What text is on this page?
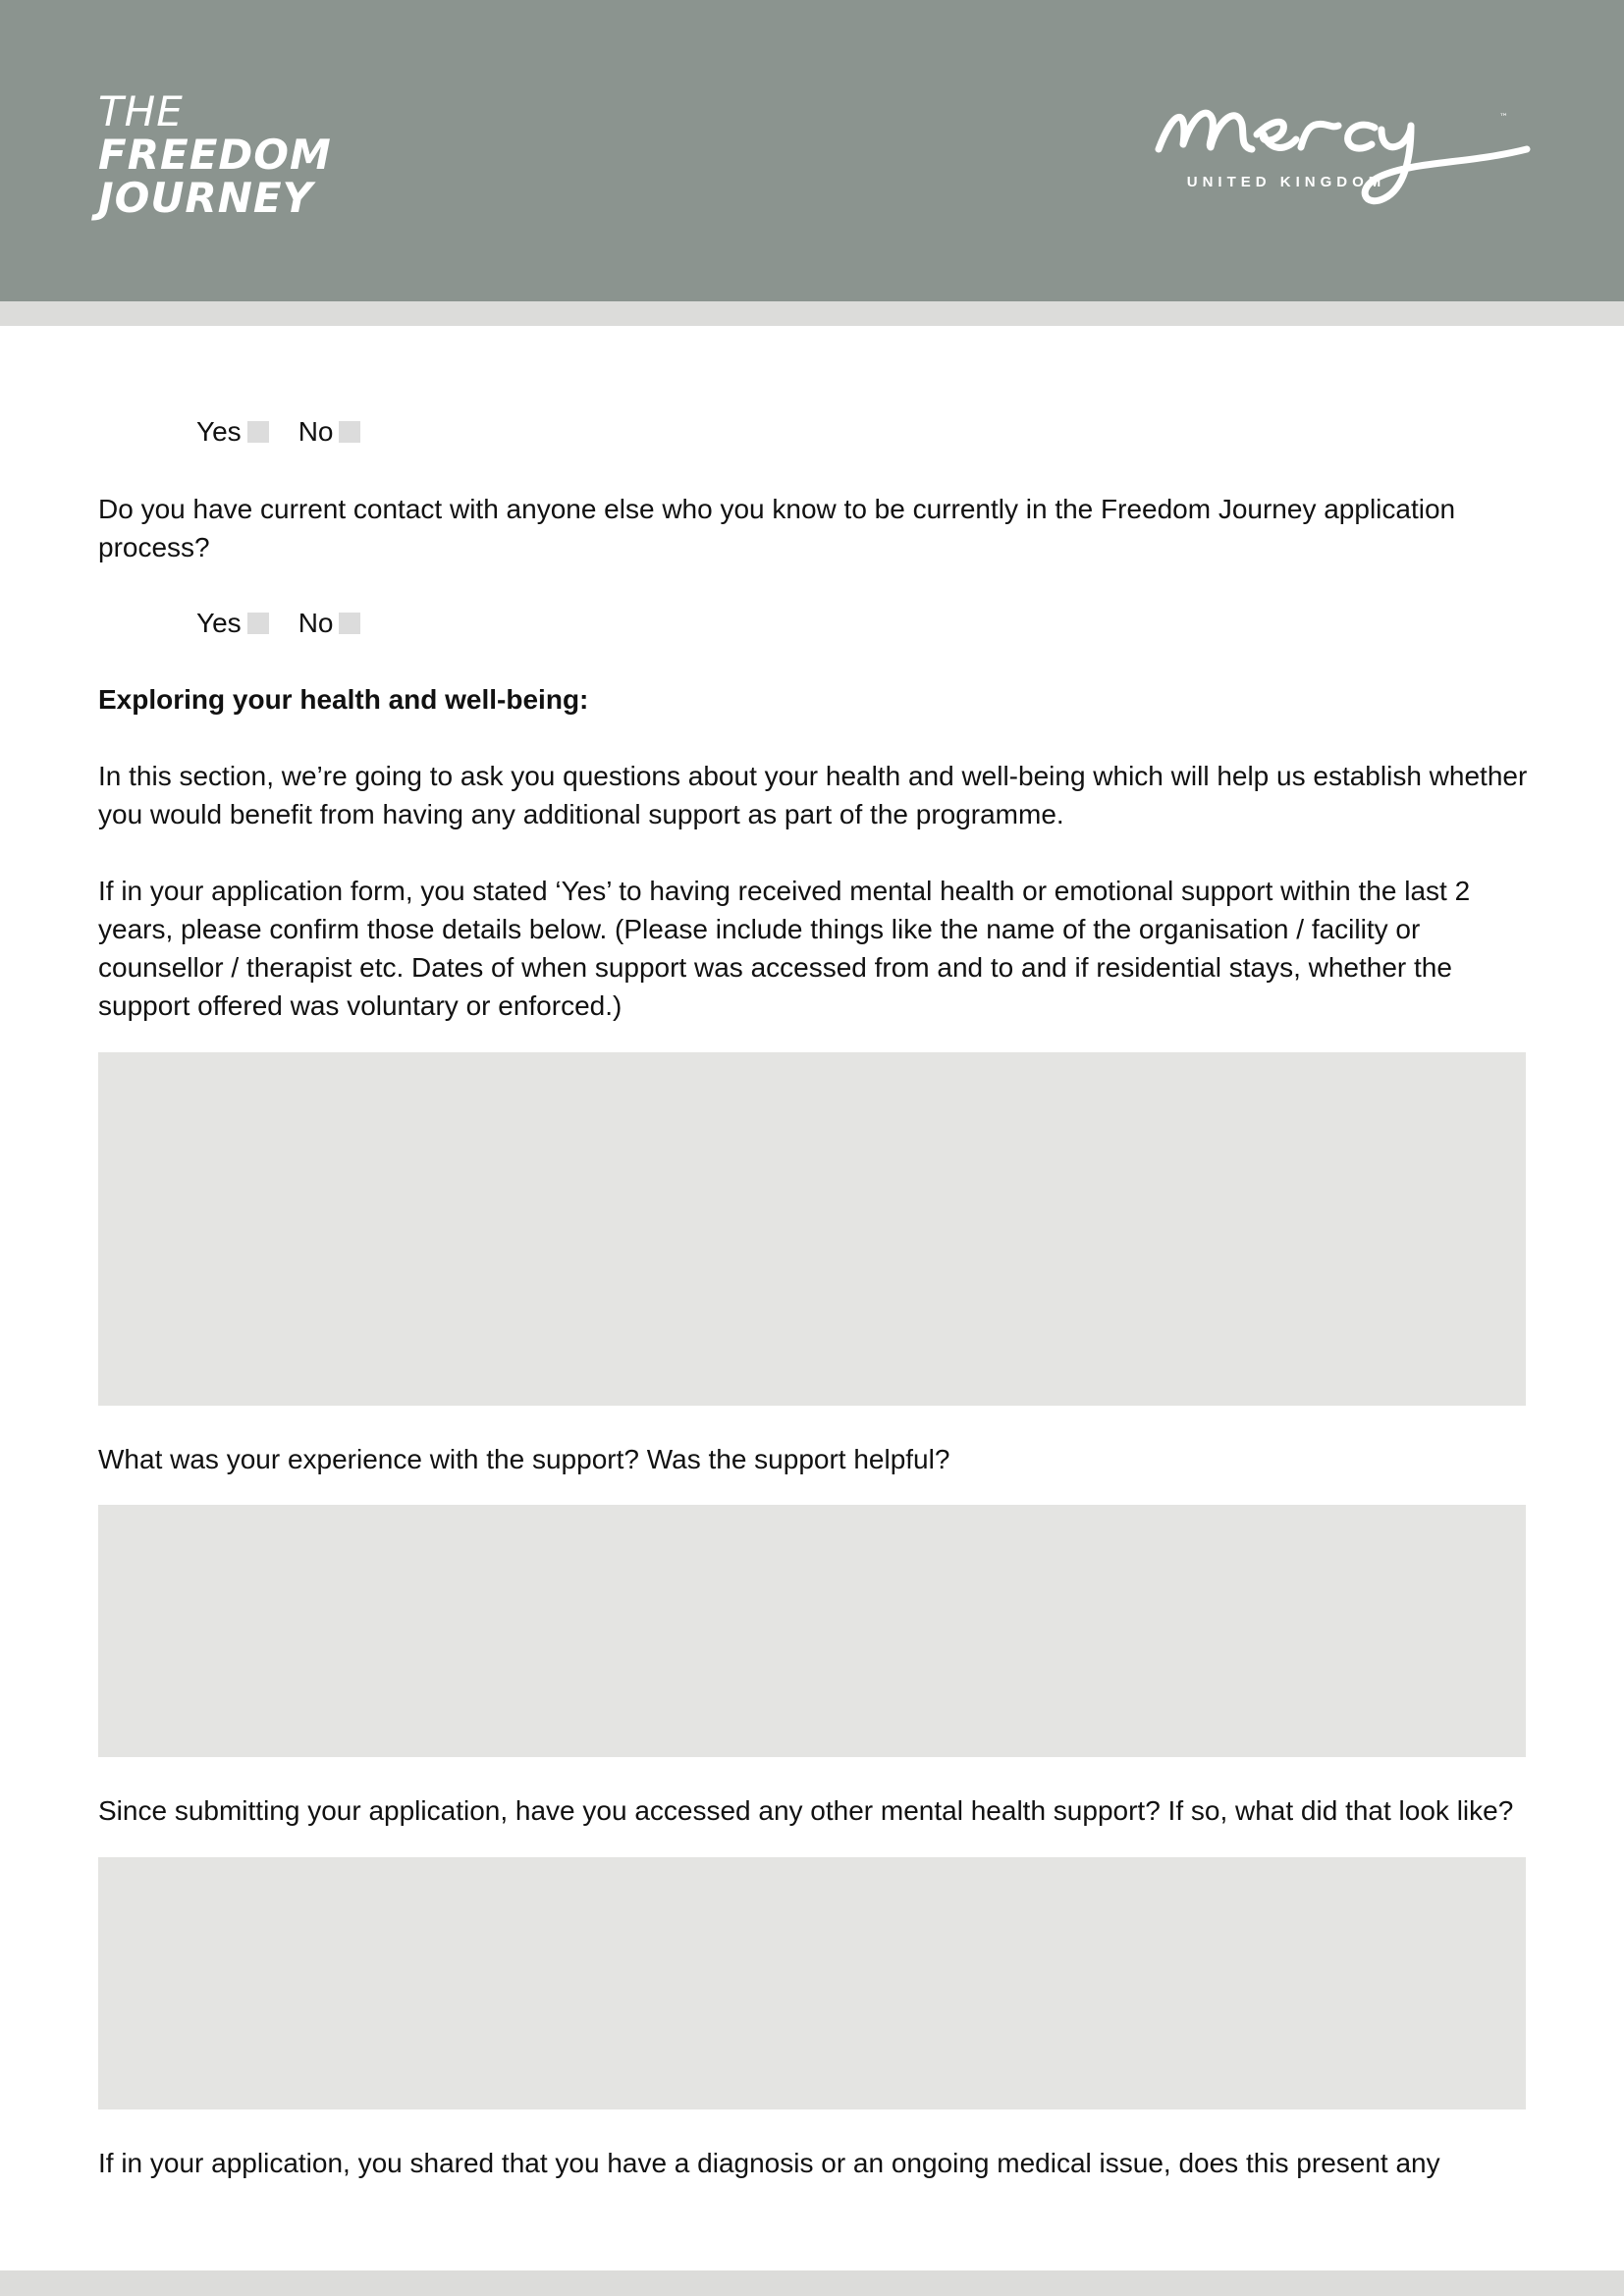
THE
FREEDOM
JOURNEY
™
UNITED KINGDOM
Yes No
Do you have current contact with anyone else who you know to be currently in the Freedom Journey application process?
Yes No
Exploring your health and well-being:
In this section, we’re going to ask you questions about your health and well-being which will help us establish whether you would benefit from having any additional support as part of the programme.
If in your application form, you stated ‘Yes’ to having received mental health or emotional support within the last 2 years, please confirm those details below. (Please include things like the name of the organisation / facility or counsellor / therapist etc. Dates of when support was accessed from and to and if residential stays, whether the support offered was voluntary or enforced.)
What was your experience with the support? Was the support helpful?
Since submitting your application, have you accessed any other mental health support? If so, what did that look like?
If in your application, you shared that you have a diagnosis or an ongoing medical issue, does this present any
